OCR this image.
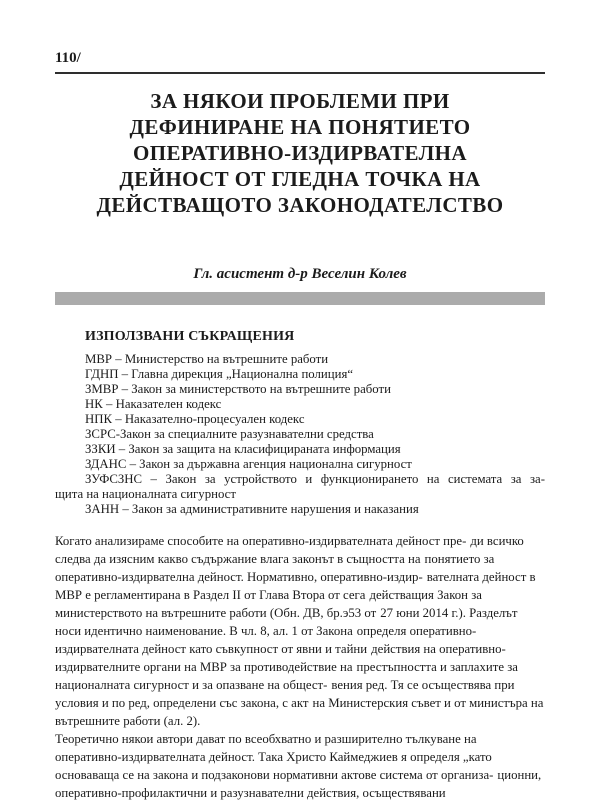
110/
ЗА НЯКОИ ПРОБЛЕМИ ПРИ
ДЕФИНИРАНЕ НА ПОНЯТИЕТО
ОПЕРАТИВНО-ИЗДИРВАТЕЛНА
ДЕЙНОСТ ОТ ГЛЕДНА ТОЧКА НА
ДЕЙСТВАЩОТО ЗАКОНОДАТЕЛСТВО
Гл. асистент д-р Веселин Колев
ИЗПОЛЗВАНИ СЪКРАЩЕНИЯ
МВР – Министерство на вътрешните работи
ГДНП – Главна дирекция „Национална полиция“
ЗМВР – Закон за министерството на вътрешните работи
НК – Наказателен кодекс
НПК – Наказателно-процесуален кодекс
ЗСРС-Закон за специалните разузнавателни средства
ЗЗКИ – Закон за защита на класифицираната информация
ЗДАНС – Закон за държавна агенция национална сигурност
ЗУФСЗНС – Закон за устройството и функционирането на системата за за-
щита на националната сигурност
ЗАНН – Закон за административните нарушения и наказания

Когато анализираме способите на оперативно-издирвателната дейност пре- ди всичко следва да изясним какво съдържание влага законът в същността на понятието за оперативно-издирвателна дейност. Нормативно, оперативно-издир- вателната дейност в МВР е регламентирана в Раздел II от Глава Втора от сега действащия Закон за министерството на вътрешните работи (Обн. ДВ, бр.э53 от 27 юни 2014 г.). Разделът носи идентично наименование. В чл. 8, ал. 1 от Закона определя оперативно-издирвателната дейност като съвкупност от явни и тайни действия на оперативно-издирвателните органи на МВР за противодействие на престъпността и заплахите за националната сигурност и за опазване на общест- вения ред. Тя се осъществява при условия и по ред, определени със закона, с акт на Министерския съвет и от министъра на вътрешните работи (ал. 2).

Теоретично някои автори дават по всеобхватно и разширително тълкуване на оперативно-издирвателната дейност. Така Христо Каймеджиев я определя „като основаваща се на закона и подзаконови нормативни актове система от организа- ционни, оперативно-профилактични и разузнавателни действия, осъществявани
